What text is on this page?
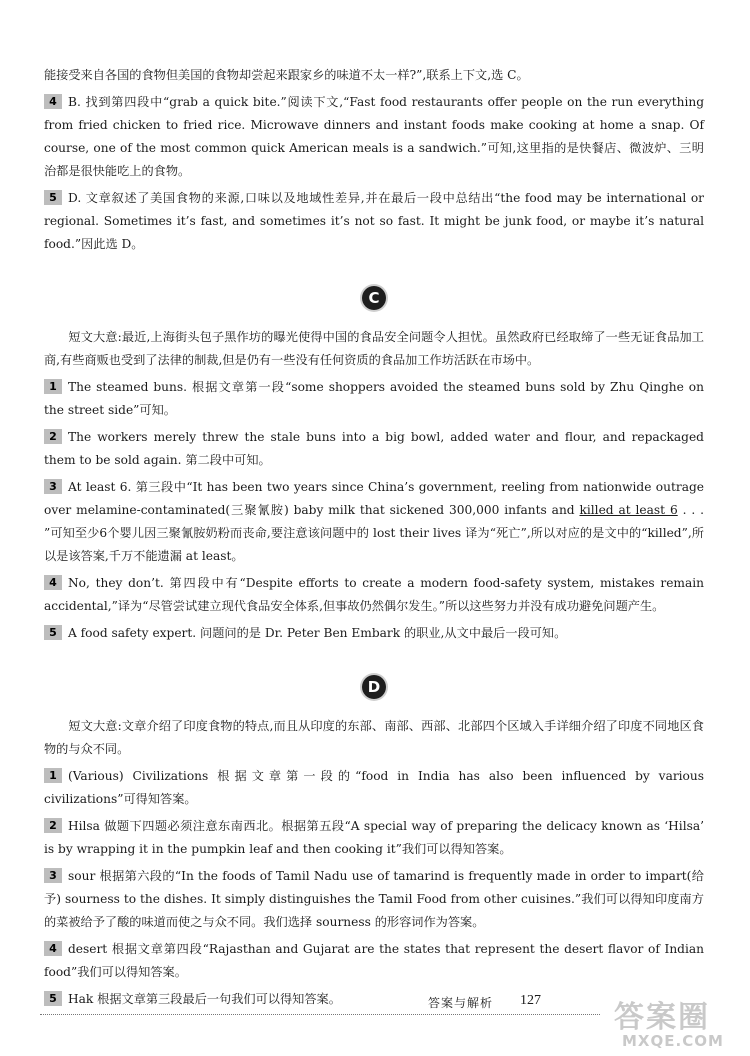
能接受来自各国的食物但美国的食物却尝起来跟家乡的味道不太一样?”,联系上下文,选 C。

4 B. 找到第四段中“grab a quick bite.”阅读下文,“Fast food restaurants offer people on the run everything from fried chicken to fried rice. Microwave dinners and instant foods make cooking at home a snap. Of course, one of the most common quick American meals is a sandwich.”可知,这里指的是快餐店、微波炉、三明治都是很快能吃上的食物。

5 D. 文章叙述了美国食物的来源,口味以及地域性差异,并在最后一段中总结出“the food may be international or regional. Sometimes it’s fast, and sometimes it’s not so fast. It might be junk food, or maybe it’s natural food.”因此选 D。

C

短文大意:最近,上海街头包子黑作坊的曝光使得中国的食品安全问题令人担忧。虽然政府已经取缔了一些无证食品加工商,有些商贩也受到了法律的制裁,但是仍有一些没有任何资质的食品加工作坊活跃在市场中。

1 The steamed buns. 根据文章第一段“some shoppers avoided the steamed buns sold by Zhu Qinghe on the street side”可知。

2 The workers merely threw the stale buns into a big bowl, added water and flour, and repackaged them to be sold again. 第二段中可知。

3 At least 6. 第三段中“It has been two years since China’s government, reeling from nationwide outrage over melamine-contaminated(三聚氰胺) baby milk that sickened 300,000 infants and killed at least 6 . . . ”可知至少6个婴儿因三聚氰胺奶粉而丧命,要注意该问题中的 lost their lives 译为“死亡”,所以对应的是文中的“killed”,所以是该答案,千万不能遗漏 at least。

4 No, they don’t. 第四段中有“Despite efforts to create a modern food-safety system, mistakes remain accidental,”译为“尽管尝试建立现代食品安全体系,但事故仍然偶尔发生。”所以这些努力并没有成功避免问题产生。

5 A food safety expert. 问题问的是 Dr. Peter Ben Embark 的职业,从文中最后一段可知。

D

短文大意:文章介绍了印度食物的特点,而且从印度的东部、南部、西部、北部四个区域入手详细介绍了印度不同地区食物的与众不同。

1 (Various) Civilizations 根据文章第一段的“food in India has also been influenced by various civilizations”可得知答案。

2 Hilsa 做题下四题必须注意东南西北。根据第五段“A special way of preparing the delicacy known as ‘Hilsa’ is by wrapping it in the pumpkin leaf and then cooking it”我们可以得知答案。

3 sour 根据第六段的“In the foods of Tamil Nadu use of tamarind is frequently made in order to impart(给予) sourness to the dishes. It simply distinguishes the Tamil Food from other cuisines.”我们可以得知印度南方的菜被给予了酸的味道而使之与众不同。我们选择 sourness 的形容词作为答案。

4 desert 根据文章第四段“Rajasthan and Gujarat are the states that represent the desert flavor of Indian food”我们可以得知答案。

5 Hak 根据文章第三段最后一句我们可以得知答案。	答案与解析 127 答案圈
MXQE.COM
